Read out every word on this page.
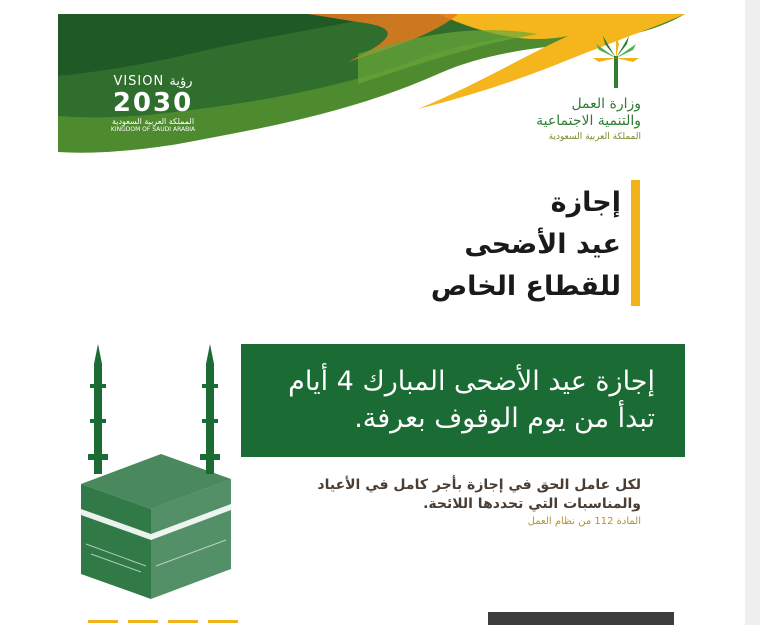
VISION رؤية
2030
المملكة العربية السعودية
KINGDOM OF SAUDI ARABIA
وزارة العمل
والتنمية الاجتماعية
المملكة العربية السعودية
إجازة
عيد الأضحى
للقطاع الخاص
إجازة عيد الأضحى المبارك 4 أيام
تبدأ من يوم الوقوف بعرفة.
لكل عامل الحق في إجازة بأجر كامل في الأعياد
والمناسبات التي تحددها اللائحة.
المادة 112 من نظام العمل
